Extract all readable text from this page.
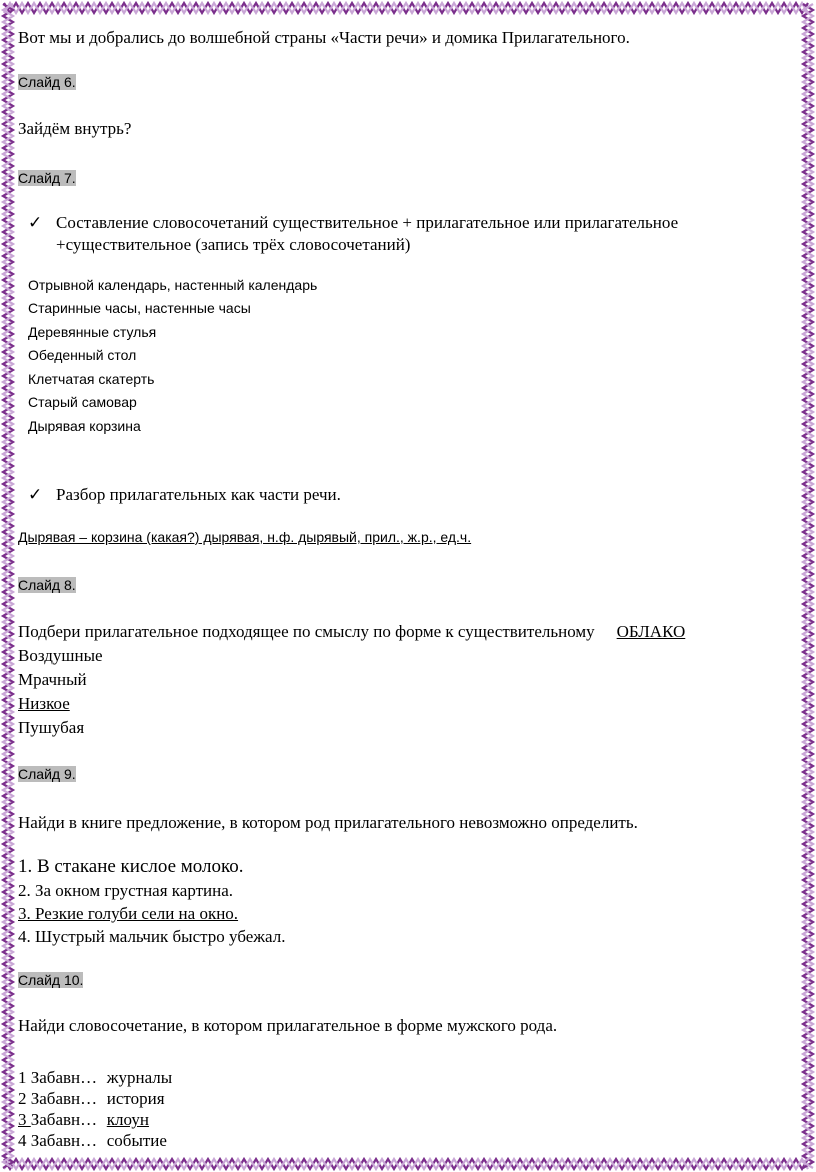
Вот мы и добрались до волшебной страны «Части речи» и домика Прилагательного.
Слайд 6.
Зайдём внутрь?
Слайд 7.
✓ Составление словосочетаний существительное + прилагательное или прилагательное
+существительное (запись трёх словосочетаний)
Отрывной календарь, настенный календарь
Старинные часы, настенные часы
Деревянные стулья
Обеденный стол
Клетчатая скатерть
Старый самовар
Дырявая корзина
✓ Разбор прилагательных как части речи.
Дырявая – корзина (какая?) дырявая, н.ф. дырявый, прил., ж.р., ед.ч.
Слайд 8.
Подбери прилагательное подходящее по смыслу по форме к существительному ОБЛАКО
Воздушные
Мрачный
Низкое
Пушубая
Слайд 9.
Найди в книге предложение, в котором род прилагательного невозможно определить.
1. В стакане кислое молоко.
2. За окном грустная картина.
3. Резкие голуби сели на окно.
4. Шустрый мальчик быстро убежал.
Слайд 10.
Найди словосочетание, в котором прилагательное в форме мужского рода.
1 Забавн… журналы
2 Забавн… история
3 Забавн… клоун
4 Забавн… событие
